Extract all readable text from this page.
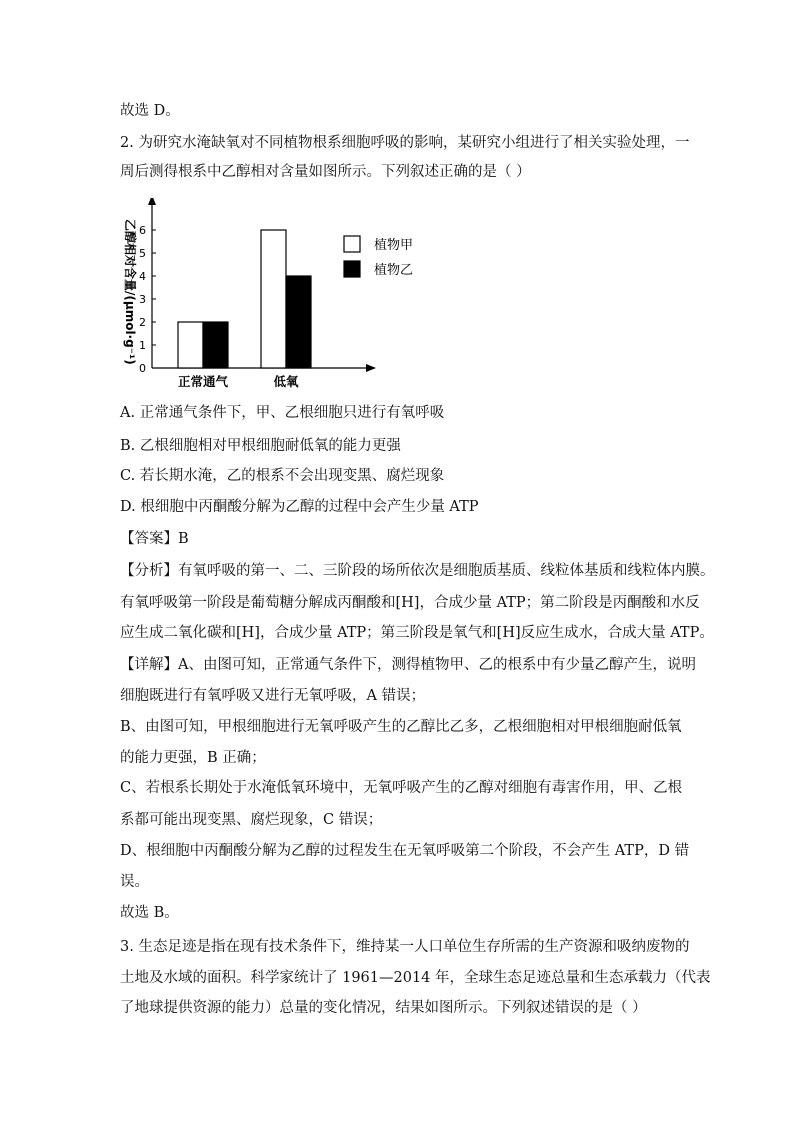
故选 D。
2. 为研究水淹缺氧对不同植物根系细胞呼吸的影响，某研究小组进行了相关实验处理，一
周后测得根系中乙醇相对含量如图所示。下列叙述正确的是（ ）
A. 正常通气条件下，甲、乙根细胞只进行有氧呼吸
B. 乙根细胞相对甲根细胞耐低氧的能力更强
C. 若长期水淹，乙的根系不会出现变黑、腐烂现象
D. 根细胞中丙酮酸分解为乙醇的过程中会产生少量 ATP
【答案】B
【分析】有氧呼吸的第一、二、三阶段的场所依次是细胞质基质、线粒体基质和线粒体内膜。
有氧呼吸第一阶段是葡萄糖分解成丙酮酸和[H]，合成少量 ATP；第二阶段是丙酮酸和水反
应生成二氧化碳和[H]，合成少量 ATP；第三阶段是氧气和[H]反应生成水，合成大量 ATP。
【详解】A、由图可知，正常通气条件下，测得植物甲、乙的根系中有少量乙醇产生，说明
细胞既进行有氧呼吸又进行无氧呼吸，A 错误；
B、由图可知，甲根细胞进行无氧呼吸产生的乙醇比乙多，乙根细胞相对甲根细胞耐低氧
的能力更强，B 正确；
C、若根系长期处于水淹低氧环境中，无氧呼吸产生的乙醇对细胞有毒害作用，甲、乙根
系都可能出现变黑、腐烂现象，C 错误；
D、根细胞中丙酮酸分解为乙醇的过程发生在无氧呼吸第二个阶段，不会产生 ATP，D 错
误。
故选 B。
3. 生态足迹是指在现有技术条件下，维持某一人口单位生存所需的生产资源和吸纳废物的
土地及水域的面积。科学家统计了 1961—2014 年，全球生态足迹总量和生态承载力（代表
了地球提供资源的能力）总量的变化情况，结果如图所示。下列叙述错误的是（ ）
0
1
2
3
4
5
6
乙醇相对含量/(μmol·g⁻¹)
正常通气	低氧
植物甲
植物乙
